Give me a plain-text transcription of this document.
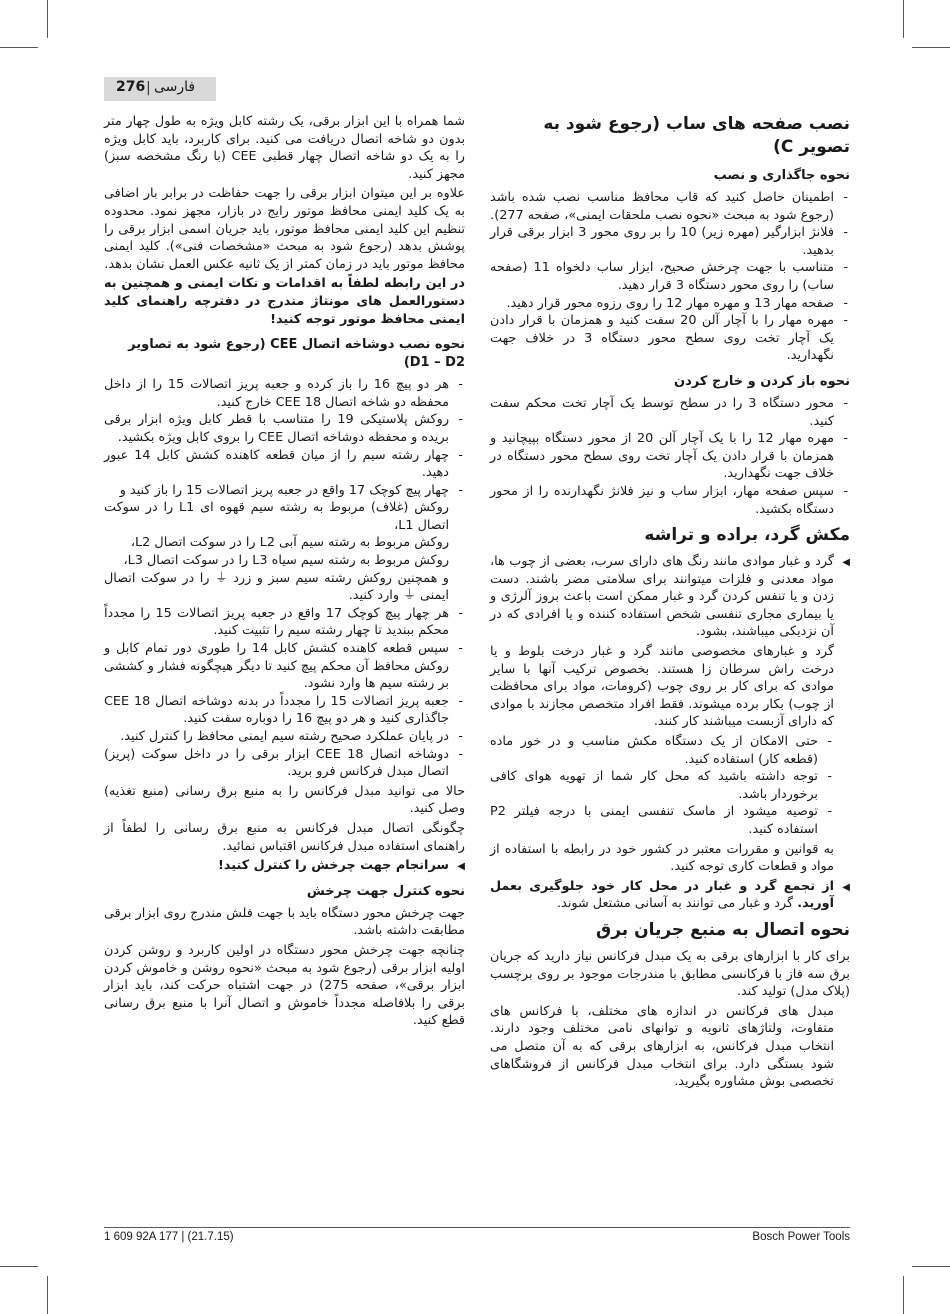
276 | فارسی
نصب صفحه های ساب (رجوع شود به تصویر C)
نحوه جاگذاری و نصب
- اطمینان حاصل کنید که قاب محافظ مناسب نصب شده باشد (رجوع شود به مبحث «نحوه نصب ملحقات ایمنی»، صفحه 277).
- فلانژ ابزارگیر (مهره زیر) 10 را بر روی محور 3 ابزار برقی قرار بدهید.
- متناسب با جهت چرخش صحیح، ابزار ساب دلخواه 11 (صفحه ساب) را روی محور دستگاه 3 قرار دهید.
- صفحه مهار 13 و مهره مهار 12 را روی رزوه محور قرار دهید.
- مهره مهار را با آچار آلن 20 سفت کنید و همزمان با قرار دادن یک آچار تخت روی سطح محور دستگاه 3 در خلاف جهت نگهدارید.
نحوه باز کردن و خارج کردن
- محور دستگاه 3 را در سطح توسط یک آچار تخت محکم سفت کنید.
- مهره مهار 12 را با یک آچار آلن 20 از محور دستگاه بپیچانید و همزمان با قرار دادن یک آچار تخت روی سطح محور دستگاه در خلاف جهت نگهدارید.
- سپس صفحه مهار، ابزار ساب و نیز فلانژ نگهدارنده را از محور دستگاه بکشید.
مکش گرد، براده و تراشه

◀ گرد و غبار موادی مانند رنگ های دارای سرب، بعضی از چوب ها، مواد معدنی و فلزات میتوانند برای سلامتی مضر باشند. دست زدن و یا تنفس کردن گرد و غبار ممکن است باعث بروز آلرژی و یا بیماری مجاری تنفسی شخص استفاده کننده و یا افرادی که در آن نزدیکی میباشند، بشود.

گرد و غبارهای مخصوصی مانند گرد و غبار درخت بلوط و یا درخت راش سرطان زا هستند. بخصوص ترکیب آنها با سایر موادی که برای کار بر روی چوب (کرومات، مواد برای محافظت از چوب) بکار برده میشوند. فقط افراد متخصص مجازند با موادی که دارای آزبست میباشند کار کنند.

- حتی الامکان از یک دستگاه مکش مناسب و در خور ماده (قطعه کار) استفاده کنید.
- توجه داشته باشید که محل کار شما از تهویه هوای کافی برخوردار باشد.
- توصیه میشود از ماسک تنفسی ایمنی با درجه فیلتر P2 استفاده کنید.

به قوانین و مقررات معتبر در کشور خود در رابطه با استفاده از مواد و قطعات کاری توجه کنید.

◀ از تجمع گرد و غبار در محل کار خود جلوگیری بعمل آورید. گرد و غبار می توانند به آسانی مشتعل شوند.

نحوه اتصال به منبع جریان برق

برای کار با ابزارهای برقی به یک مبدل فرکانس نیاز دارید که جریان برق سه فاز با فرکانسی مطابق با مندرجات موجود بر روی برچسب (پلاک مدل) تولید کند.

مبدل های فرکانس در اندازه های مختلف، با فرکانس های متفاوت، ولتاژهای ثانویه و توانهای نامی مختلف وجود دارند. انتخاب مبدل فرکانس، به ابزارهای برقی که به آن متصل می شود بستگی دارد. برای انتخاب مبدل فرکانس از فروشگاهای تخصصی بوش مشاوره بگیرید.

شما همراه با این ابزار برقی، یک رشته کابل ویژه به طول چهار متر بدون دو شاخه اتصال دریافت می کنید. برای کاربرد، باید کابل ویژه را به یک دو شاخه اتصال چهار قطبی CEE (با رنگ مشخصه سبز) مجهز کنید.

علاوه بر این میتوان ابزار برقی را جهت حفاظت در برابر بار اضافی به یک کلید ایمنی محافظ موتور رایج در بازار، مجهز نمود. محدوده تنظیم این کلید ایمنی محافظ موتور، باید جریان اسمی ابزار برقی را پوشش بدهد (رجوع شود به مبحث «مشخصات فنی»). کلید ایمنی محافظ موتور باید در زمان کمتر از یک ثانیه عکس العمل نشان بدهد.

در این رابطه لطفاً به اقدامات و نکات ایمنی و همچنین به دستورالعمل های مونتاژ مندرج در دفترچه راهنمای کلید ایمنی محافظ موتور توجه کنید!

نحوه نصب دوشاخه اتصال CEE (رجوع شود به تصاویر D1 – D2)
- هر دو پیچ 16 را باز کرده و جعبه پریز اتصالات 15 را از داخل محفظه دو شاخه اتصال CEE 18 خارج کنید.
- روکش پلاستیکی 19 را متناسب با قطر کابل ویژه ابزار برقی بریده و محفظه دوشاخه اتصال CEE را بروی کابل ویژه بکشید.
- چهار رشته سیم را از میان قطعه کاهنده کشش کابل 14 عبور دهید.
- چهار پیچ کوچک 17 واقع در جعبه پریز اتصالات 15 را باز کنید و
روکش (غلاف) مربوط به رشته سیم قهوه ای L1 را در سوکت اتصال L1،
روکش مربوط به رشته سیم آبی L2 را در سوکت اتصال L2،
روکش مربوط به رشته سیم سیاه L3 را در سوکت اتصال L3،
و همچنین روکش رشته سیم سبز و زرد ⏚ را در سوکت اتصال ایمنی ⏚ وارد کنید.
- هر چهار پیچ کوچک 17 واقع در جعبه پریز اتصالات 15 را مجدداً محکم ببندید تا چهار رشته سیم را تثبیت کنید.
- سپس قطعه کاهنده کشش کابل 14 را طوری دور تمام کابل و روکش محافظ آن محکم پیچ کنید تا دیگر هیچگونه فشار و کششی بر رشته سیم ها وارد نشود.
- جعبه پریز اتصالات 15 را مجدداً در بدنه دوشاخه اتصال CEE 18 جاگذاری کنید و هر دو پیچ 16 را دوباره سفت کنید.
- در پایان عملکرد صحیح رشته سیم ایمنی محافظ را کنترل کنید.
- دوشاخه اتصال CEE 18 ابزار برقی را در داخل سوکت (پریز) اتصال مبدل فرکانس فرو برید.

حالا می توانید مبدل فرکانس را به منبع برق رسانی (منبع تغذیه) وصل کنید.

چگونگی اتصال مبدل فرکانس به منبع برق رسانی را لطفاً از راهنمای استفاده مبدل فرکانس اقتباس نمائید.

◀ سرانجام جهت چرخش را کنترل کنید!

نحوه کنترل جهت چرخش

جهت چرخش محور دستگاه باید با جهت فلش مندرج روی ابزار برقی مطابقت داشته باشد.

چنانچه جهت چرخش محور دستگاه در اولین کاربرد و روشن کردن اولیه ابزار برقی (رجوع شود به مبحث «نحوه روشن و خاموش کردن ابزار برقی»، صفحه 275) در جهت اشتباه حرکت کند، باید ابزار برقی را بلافاصله مجدداً خاموش و اتصال آنرا با منبع برق رسانی قطع کنید.

1 609 92A 177 | (21.7.15)	Bosch Power Tools
